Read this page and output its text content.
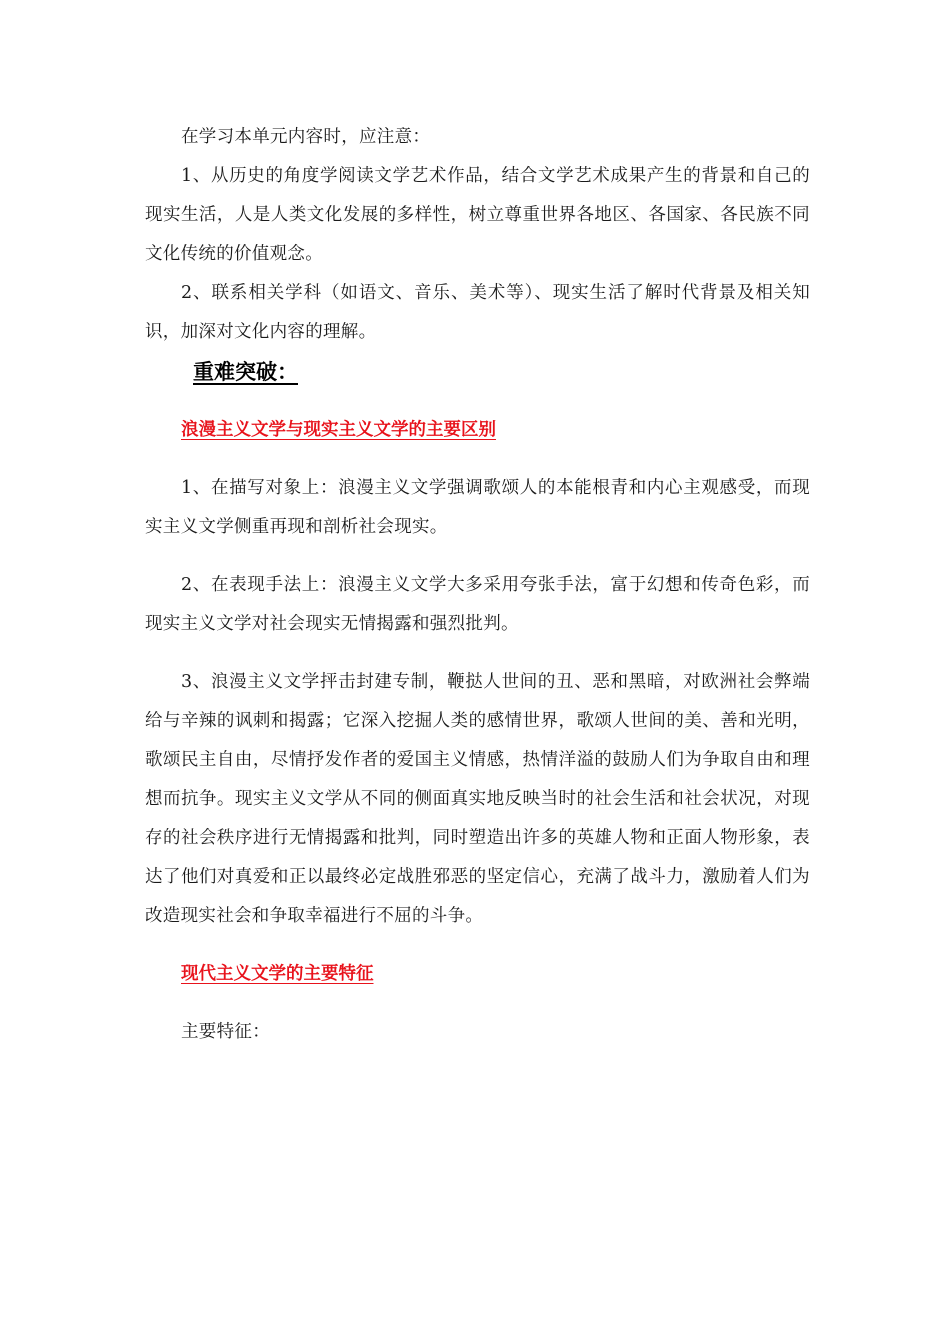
在学习本单元内容时，应注意：

1、从历史的角度学阅读文学艺术作品，结合文学艺术成果产生的背景和自己的现实生活，人是人类文化发展的多样性，树立尊重世界各地区、各国家、各民族不同文化传统的价值观念。

2、联系相关学科（如语文、音乐、美术等）、现实生活了解时代背景及相关知识，加深对文化内容的理解。

重难突破：
浪漫主义文学与现实主义文学的主要区别

1、在描写对象上：浪漫主义文学强调歌颂人的本能根青和内心主观感受，而现实主义文学侧重再现和剖析社会现实。

2、在表现手法上：浪漫主义文学大多采用夸张手法，富于幻想和传奇色彩，而现实主义文学对社会现实无情揭露和强烈批判。

3、浪漫主义文学抨击封建专制，鞭挞人世间的丑、恶和黑暗，对欧洲社会弊端给与辛辣的讽刺和揭露；它深入挖掘人类的感情世界，歌颂人世间的美、善和光明，歌颂民主自由，尽情抒发作者的爱国主义情感，热情洋溢的鼓励人们为争取自由和理想而抗争。现实主义文学从不同的侧面真实地反映当时的社会生活和社会状况，对现存的社会秩序进行无情揭露和批判，同时塑造出许多的英雄人物和正面人物形象，表达了他们对真爱和正以最终必定战胜邪恶的坚定信心，充满了战斗力，激励着人们为改造现实社会和争取幸福进行不屈的斗争。

现代主义文学的主要特征

主要特征：
